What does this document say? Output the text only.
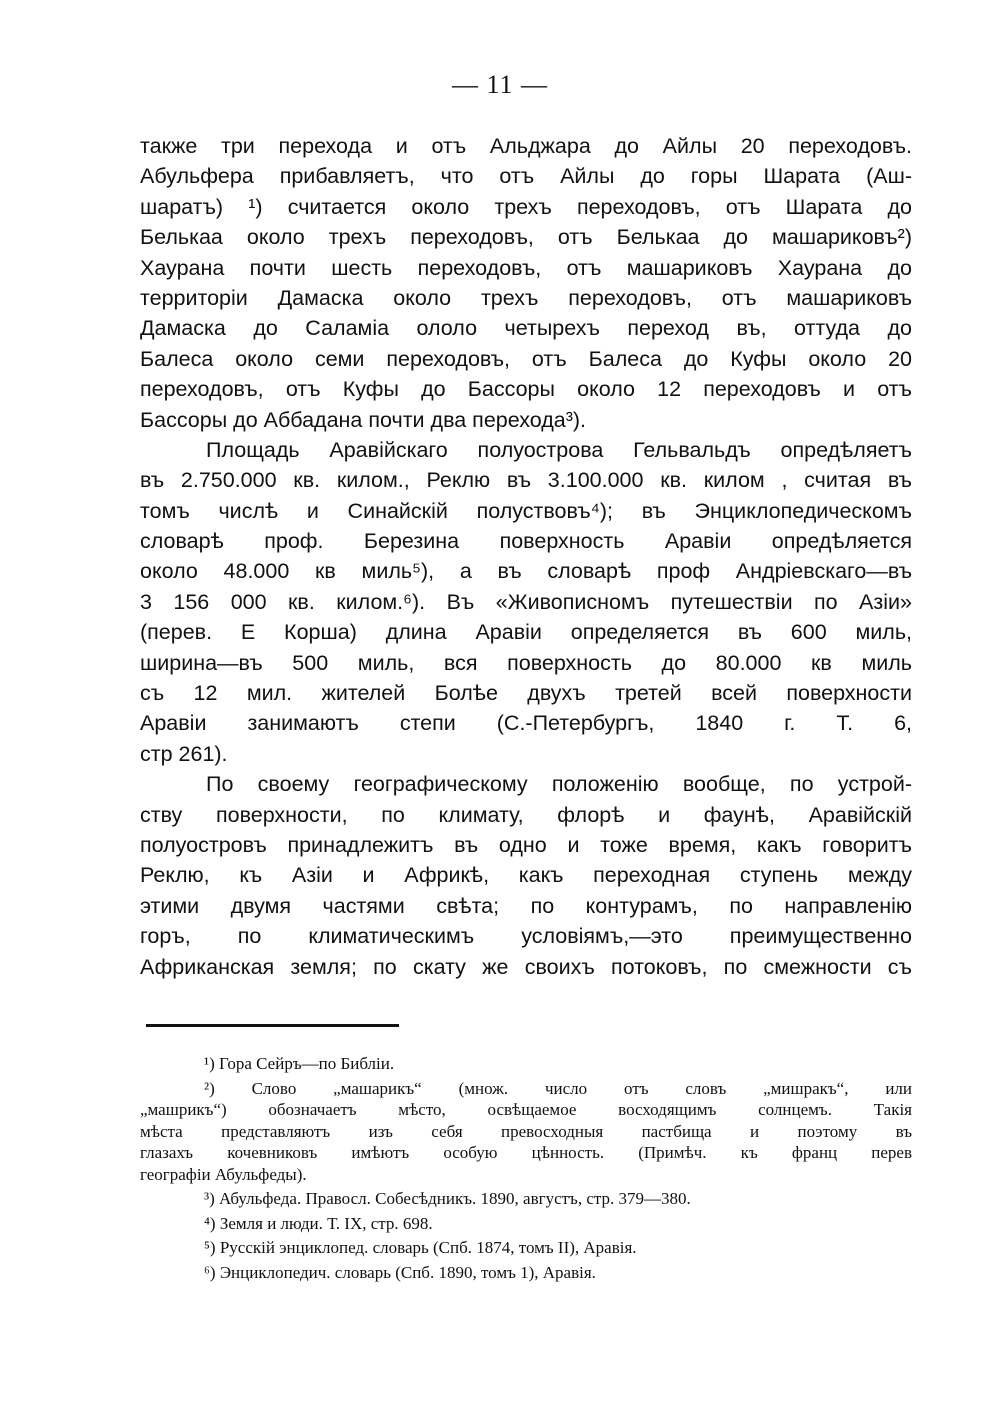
— 11 —
также три перехода и отъ Альджара до Айлы 20 переходовъ.
Абульфера прибавляетъ, что отъ Айлы до горы Шарата (Аш-
шаратъ) ¹) считается около трехъ переходовъ, отъ Шарата до
Белькаа около трехъ переходовъ, отъ Белькаа до машариковъ²)
Хаурана почти шесть переходовъ, отъ машариковъ Хаурана до
территоріи Дамаска около трехъ переходовъ, отъ машариковъ
Дамаска до Саламіа ололо четырехъ переход въ, оттуда до
Балеса около семи переходовъ, отъ Балеса до Куфы около 20
переходовъ, отъ Куфы до Бассоры около 12 переходовъ и отъ
Бассоры до Аббадана почти два перехода³).
Площадь Аравійскаго полуострова Гельвальдъ опредѣляетъ
въ 2.750.000 кв. килом., Реклю въ 3.100.000 кв. килом , считая въ
томъ числѣ и Синайскій полуствовъ⁴); въ Энциклопедическомъ
словарѣ проф. Березина поверхность Аравіи опредѣляется
около 48.000 кв миль⁵), а въ словарѣ проф Андріевскаго—въ
3 156 000 кв. килом.⁶). Въ «Живописномъ путешествіи по Азіи»
(перев. Е Корша) длина Аравіи определяется въ 600 миль,
ширина—въ 500 миль, вся поверхность до 80.000 кв миль
съ 12 мил. жителей Болѣе двухъ третей всей поверхности
Аравіи занимаютъ степи (С.-Петербургъ, 1840 г. Т. 6,
стр 261).
По своему географическому положенію вообще, по устрой-
ству поверхности, по климату, флорѣ и фаунѣ, Аравійскій
полуостровъ принадлежитъ въ одно и тоже время, какъ говоритъ
Реклю, къ Азіи и Африкѣ, какъ переходная ступень между
этими двумя частями свѣта; по контурамъ, по направленію
горъ, по климатическимъ условіямъ,—это преимущественно
Африканская земля; по скату же своихъ потоковъ, по смежности съ
¹) Гора Сейръ—по Библіи.
²) Слово „машарикъ“ (множ. число отъ словъ „мишракъ“, или
„машрикъ“) обозначаетъ мѣсто, освѣщаемое восходящимъ солнцемъ. Такія
мѣста представляютъ изъ себя превосходныя пастбища и поэтому въ
глазахъ кочевниковъ имѣютъ особую цѣнность. (Примѣч. къ франц перев
географіи Абульфеды).
³) Абульфеда. Правосл. Собесѣдникъ. 1890, августъ, стр. 379—380.
⁴) Земля и люди. Т. IX, стр. 698.
⁵) Русскій энциклопед. словарь (Спб. 1874, томъ II), Аравія.
⁶) Энциклопедич. словарь (Спб. 1890, томъ 1), Аравія.
